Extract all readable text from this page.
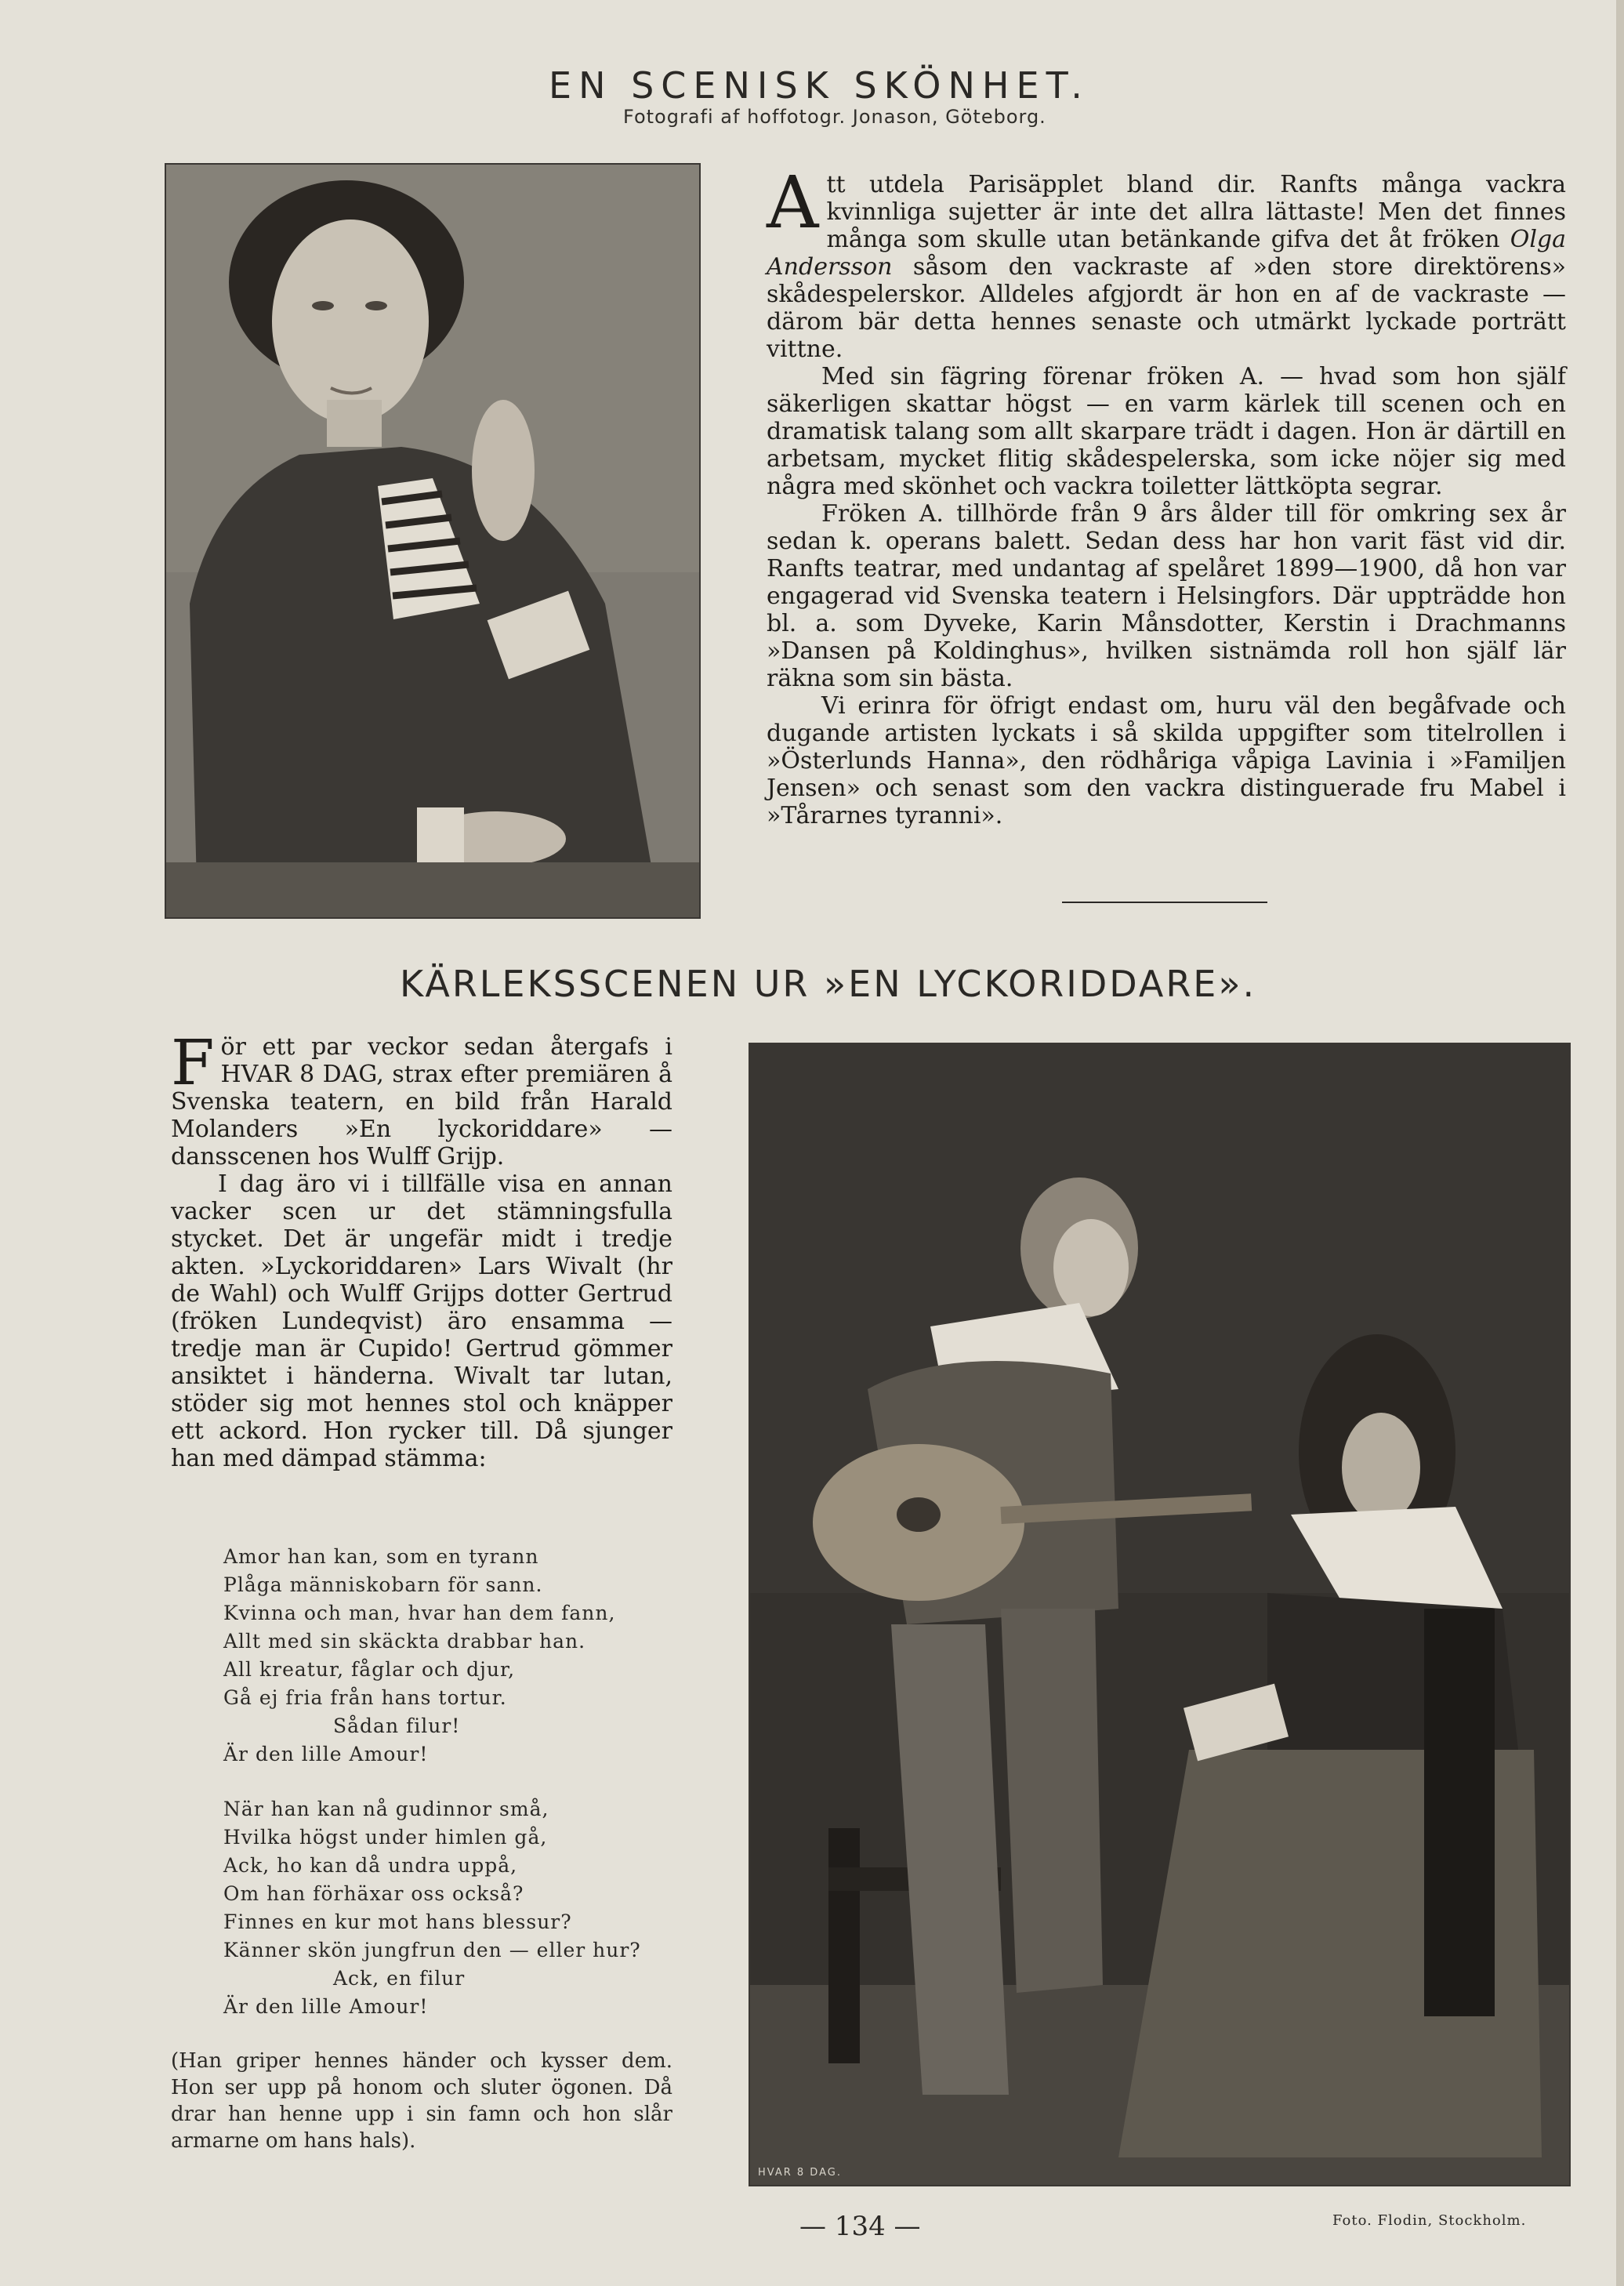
EN SCENISK SKÖNHET.
Fotografi af hoffotogr. Jonason, Göteborg.

Att utdela Parisäpplet bland dir. Ranfts många vackra kvinnliga sujetter är inte det allra lättaste! Men det finnes många som skulle utan betänkande gifva det åt fröken Olga Andersson såsom den vackraste af »den store direktörens» skådespelerskor. Alldeles afgjordt är hon en af de vackraste — därom bär detta hennes senaste och utmärkt lyckade porträtt vittne.

Med sin fägring förenar fröken A. — hvad som hon själf säkerligen skattar högst — en varm kärlek till scenen och en dramatisk talang som allt skarpare trädt i dagen. Hon är därtill en arbetsam, mycket flitig skådespelerska, som icke nöjer sig med några med skönhet och vackra toiletter lättköpta segrar.

Fröken A. tillhörde från 9 års ålder till för omkring sex år sedan k. operans balett. Sedan dess har hon varit fäst vid dir. Ranfts teatrar, med undantag af spelåret 1899—1900, då hon var engagerad vid Svenska teatern i Helsingfors. Där uppträdde hon bl. a. som Dyveke, Karin Månsdotter, Kerstin i Drachmanns »Dansen på Koldinghus», hvilken sistnämda roll hon själf lär räkna som sin bästa.

Vi erinra för öfrigt endast om, huru väl den begåfvade och dugande artisten lyckats i så skilda uppgifter som titelrollen i »Österlunds Hanna», den rödhåriga våpiga Lavinia i »Familjen Jensen» och senast som den vackra distinguerade fru Mabel i »Tårarnes tyranni».

KÄRLEKSSCENEN UR »EN LYCKORIDDARE».

För ett par veckor sedan återgafs i HVAR 8 DAG, strax efter premiären å Svenska teatern, en bild från Harald Molanders »En lyckoriddare» — dansscenen hos Wulff Grijp.

I dag äro vi i tillfälle visa en annan vacker scen ur det stämningsfulla stycket. Det är ungefär midt i tredje akten. »Lyckoriddaren» Lars Wivalt (hr de Wahl) och Wulff Grijps dotter Gertrud (fröken Lundeqvist) äro ensamma — tredje man är Cupido! Gertrud gömmer ansiktet i händerna. Wivalt tar lutan, stöder sig mot hennes stol och knäpper ett ackord. Hon rycker till. Då sjunger han med dämpad stämma:

Amor han kan, som en tyrann
Plåga människobarn för sann.
Kvinna och man, hvar han dem fann,
Allt med sin skäckta drabbar han.
All kreatur, fåglar och djur,
Gå ej fria från hans tortur.
Sådan filur!
Är den lille Amour!
När han kan nå gudinnor små,
Hvilka högst under himlen gå,
Ack, ho kan då undra uppå,
Om han förhäxar oss också?
Finnes en kur mot hans blessur?
Känner skön jungfrun den — eller hur?
Ack, en filur
Är den lille Amour!
(Han griper hennes händer och kysser dem. Hon ser upp på honom och sluter ögonen. Då drar han henne upp i sin famn och hon slår armarne om hans hals).
HVAR 8 DAG.
— 134 —	Foto. Flodin, Stockholm.
